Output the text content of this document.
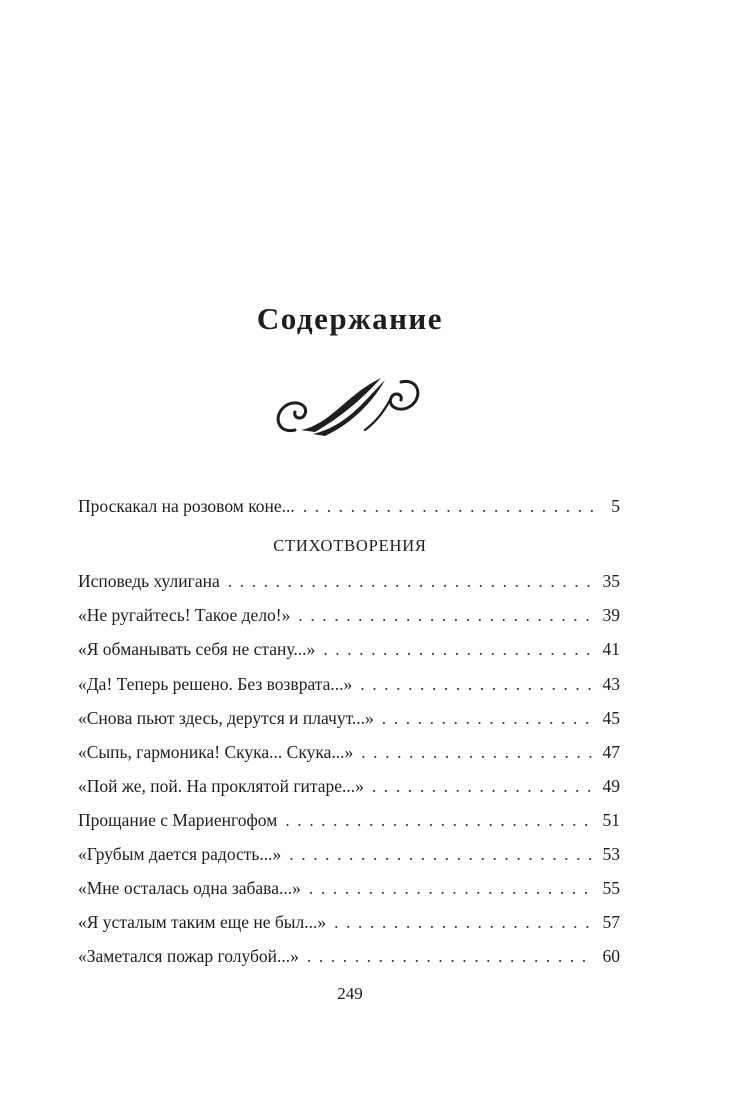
Содержание
Проскакал на розовом коне... . . .	5
Исповедь хулигана . . .	35
«Не ругайтесь! Такое дело!» . . .	39
«Я обманывать себя не стану...» . . .	41
«Да! Теперь решено. Без возврата...» . . .	43
«Снова пьют здесь, дерутся и плачут...» . . .	45
«Сыпь, гармоника! Скука... Скука...» . . .	47
«Пой же, пой. На проклятой гитаре...» . . .	49
Прощание с Мариенгофом . . .	51
«Грубым дается радость...» . . .	53
«Мне осталась одна забава...» . . .	55
«Я усталым таким еще не был...» . . .	57
«Заметался пожар голубой...» . . .	60
СТИХОТВОРЕНИЯ
249
